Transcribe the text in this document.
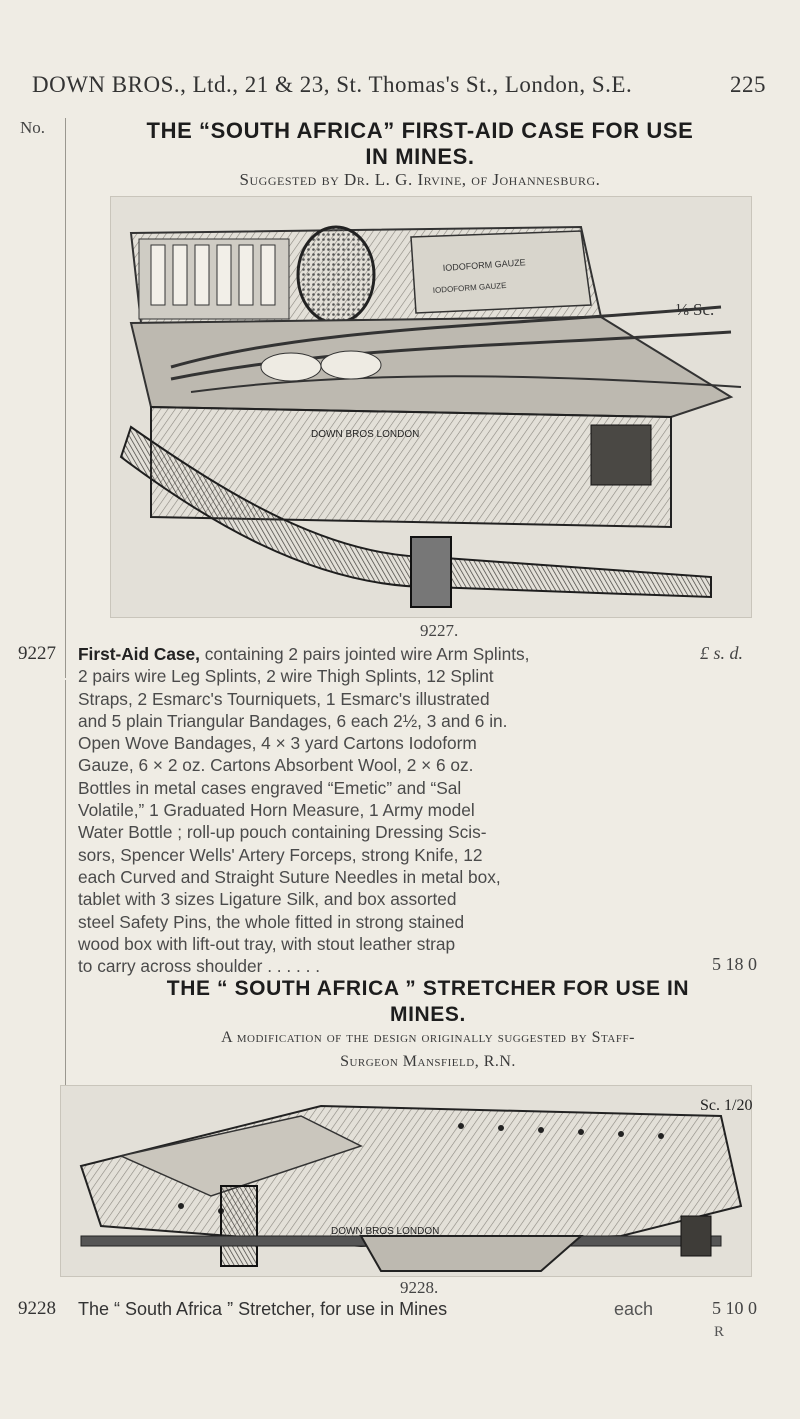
DOWN BROS., Ltd., 21 & 23, St. Thomas's St., London, S.E.	225
No.	THE “SOUTH AFRICA” FIRST-AID CASE FOR USE
IN MINES.
Suggested by Dr. L. G. Irvine, of Johannesburg.
IODOFORM GAUZE
IODOFORM GAUZE
DOWN BROS LONDON
⅛ Sc.
9227.
9227	£ s. d.
First-Aid Case, containing 2 pairs jointed wire Arm Splints,
2 pairs wire Leg Splints, 2 wire Thigh Splints, 12 Splint
Straps, 2 Esmarc's Tourniquets, 1 Esmarc's illustrated
and 5 plain Triangular Bandages, 6 each 2½, 3 and 6 in.
Open Wove Bandages, 4 × 3 yard Cartons Iodoform
Gauze, 6 × 2 oz. Cartons Absorbent Wool, 2 × 6 oz.
Bottles in metal cases engraved “Emetic” and “Sal
Volatile,” 1 Graduated Horn Measure, 1 Army model
Water Bottle ; roll-up pouch containing Dressing Scis-
sors, Spencer Wells' Artery Forceps, strong Knife, 12
each Curved and Straight Suture Needles in metal box,
tablet with 3 sizes Ligature Silk, and box assorted
steel Safety Pins, the whole fitted in strong stained
wood box with lift-out tray, with stout leather strap
to carry across shoulder . . . . . .	5 18 0
THE “ SOUTH AFRICA ” STRETCHER FOR USE IN
MINES.
A modification of the design originally suggested by Staff-
Surgeon Mansfield, R.N.
DOWN BROS LONDON
Sc. 1/20
9228.
9228 The “ South Africa ” Stretcher, for use in Mines	each	5 10 0
R
